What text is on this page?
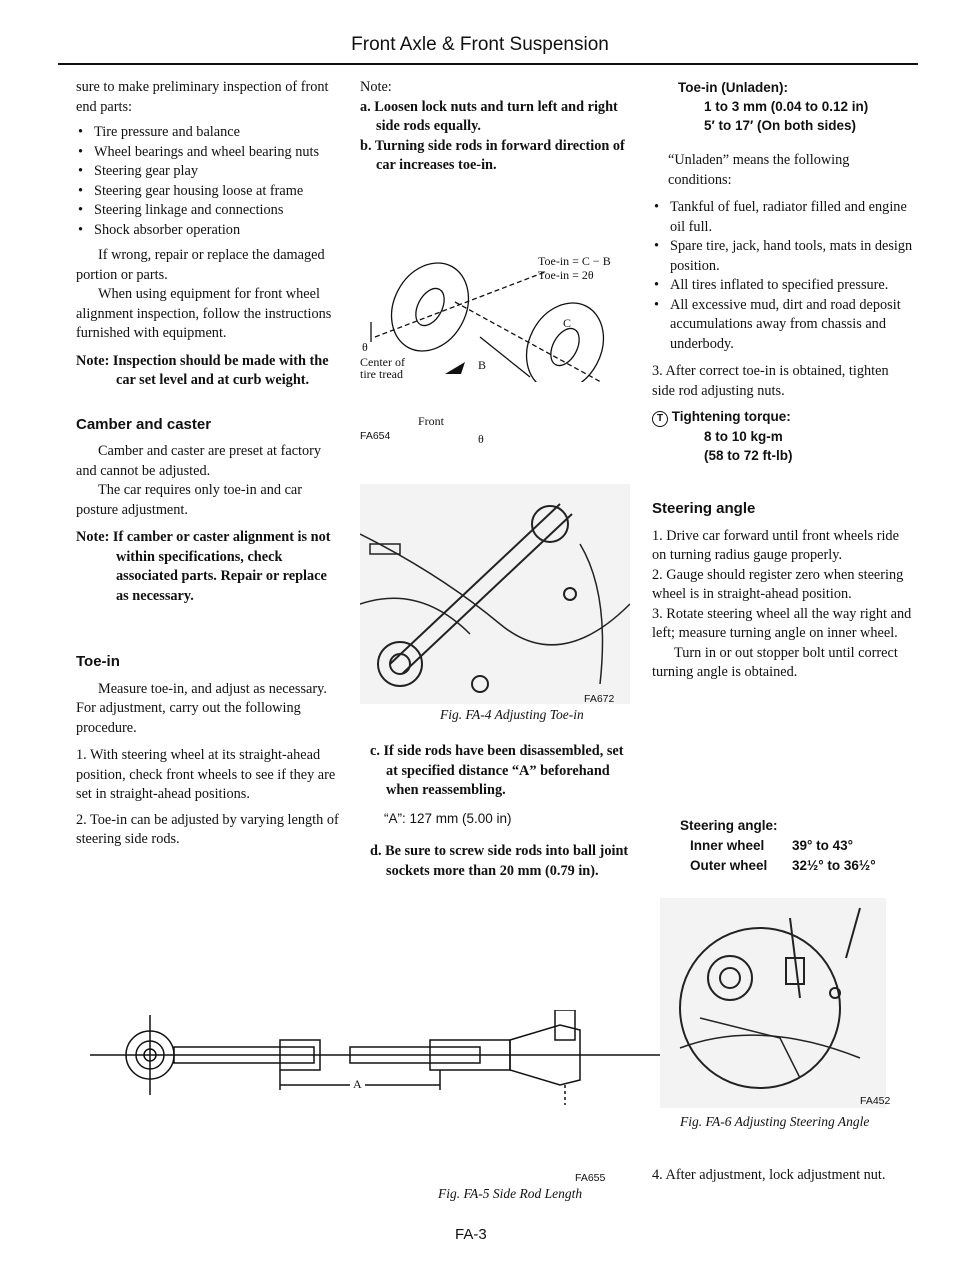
Front Axle & Front Suspension

sure to make preliminary inspection of front end parts:

• Tire pressure and balance
• Wheel bearings and wheel bearing nuts
• Steering gear play
• Steering gear housing loose at frame
• Steering linkage and connections
• Shock absorber operation

If wrong, repair or replace the damaged portion or parts.

When using equipment for front wheel alignment inspection, follow the instructions furnished with equipment.

Note: Inspection should be made with the car set level and at curb weight.

Camber and caster

Camber and caster are preset at factory and cannot be adjusted.

The car requires only toe-in and car posture adjustment.

Note: If camber or caster alignment is not within specifications, check associated parts. Repair or replace as necessary.

Toe-in

Measure toe-in, and adjust as necessary. For adjustment, carry out the following procedure.

1. With steering wheel at its straight-ahead position, check front wheels to see if they are set in straight-ahead positions.

2. Toe-in can be adjusted by varying length of steering side rods.

Note:

a. Loosen lock nuts and turn left and right side rods equally.

b. Turning side rods in forward direction of car increases toe-in.

Toe-in = C − B
Toe-in = 2θ
C
B
θ
θ
Center of
tire tread
Front
FA654
FA672
Fig. FA-4 Adjusting Toe-in

c. If side rods have been disassembled, set at specified distance “A” beforehand when reassembling.

“A”: 127 mm (5.00 in)

d. Be sure to screw side rods into ball joint sockets more than 20 mm (0.79 in).

A
FA655
Fig. FA-5 Side Rod Length
FA-3

Toe-in (Unladen):

1 to 3 mm (0.04 to 0.12 in)

5′ to 17′ (On both sides)

“Unladen” means the following conditions:

• Tankful of fuel, radiator filled and engine oil full.
• Spare tire, jack, hand tools, mats in design position.
• All tires inflated to specified pressure.
• All excessive mud, dirt and road deposit accumulations away from chassis and underbody.

3. After correct toe-in is obtained, tighten side rod adjusting nuts.

T Tightening torque:

8 to 10 kg-m

(58 to 72 ft-lb)

Steering angle

1. Drive car forward until front wheels ride on turning radius gauge properly.

2. Gauge should register zero when steering wheel is in straight-ahead position.

3. Rotate steering wheel all the way right and left; measure turning angle on inner wheel.

Turn in or out stopper bolt until correct turning angle is obtained.

Steering angle:
Inner wheel 39° to 43°
Outer wheel 32½° to 36½°
FA452
Fig. FA-6 Adjusting Steering Angle
4. After adjustment, lock adjustment nut.
